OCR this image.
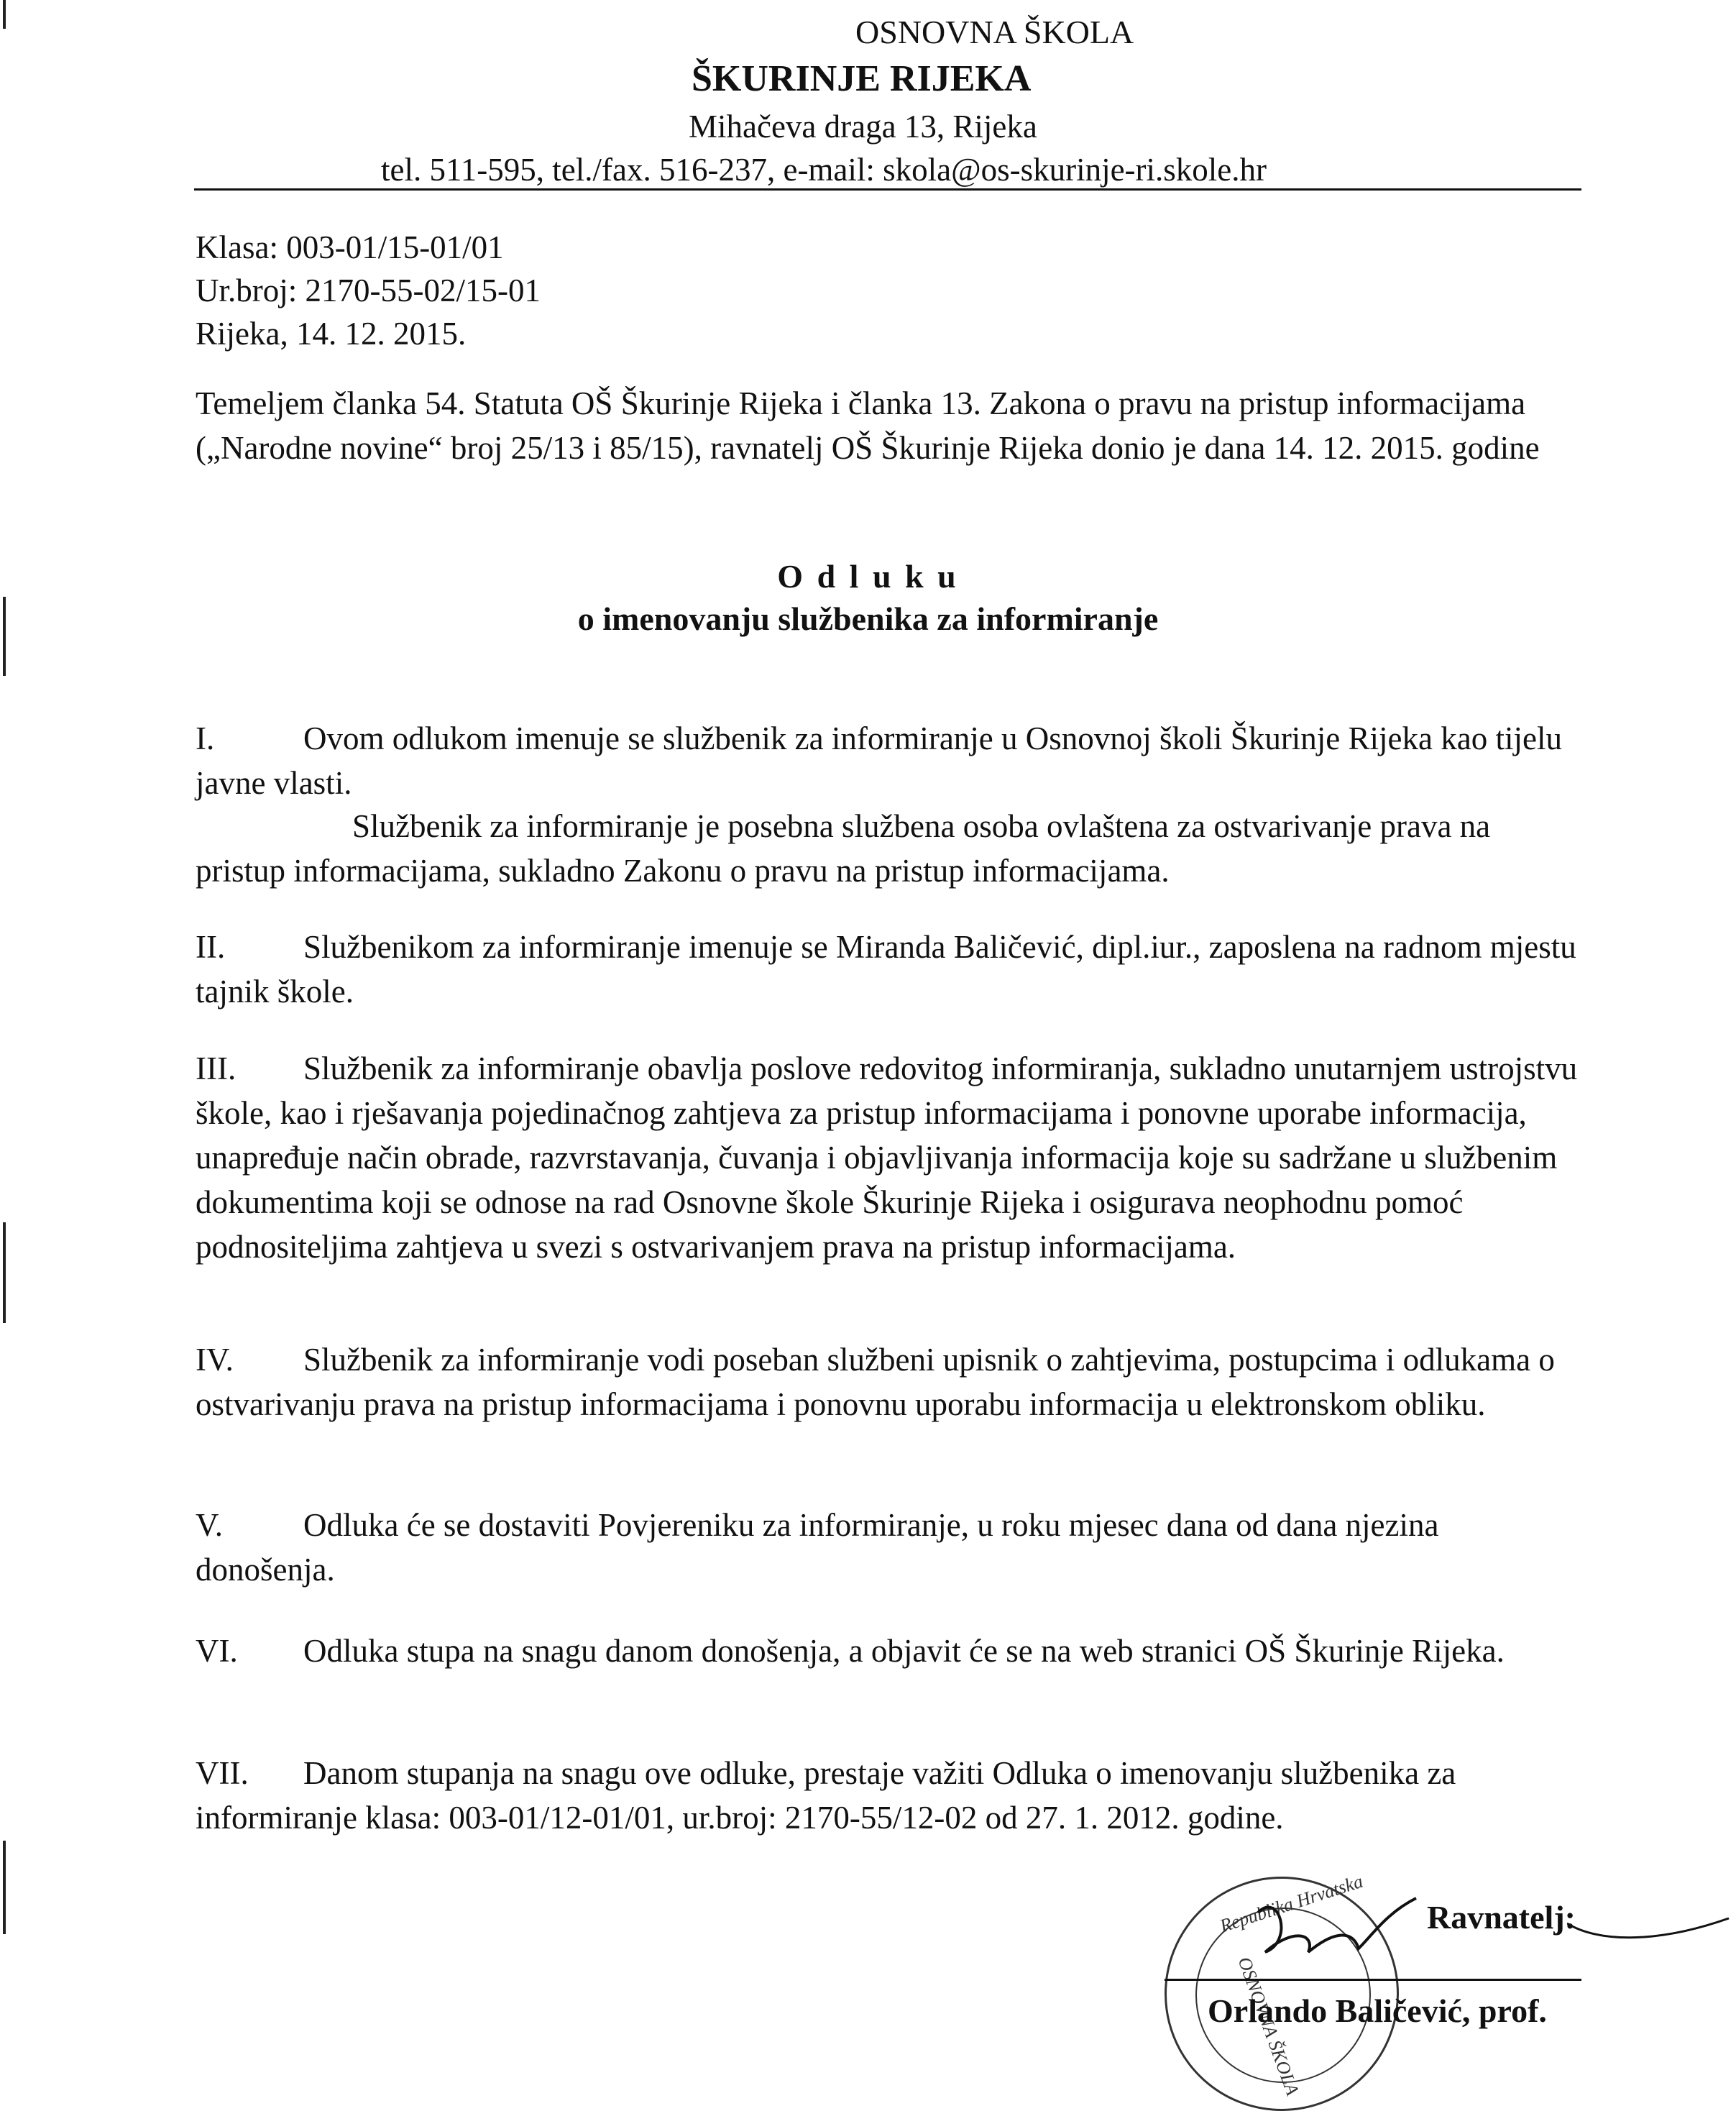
OSNOVNA ŠKOLA
ŠKURINJE RIJEKA
Mihačeva draga 13, Rijeka
tel. 511-595, tel./fax. 516-237, e-mail: skola@os-skurinje-ri.skole.hr
Klasa: 003-01/15-01/01
Ur.broj: 2170-55-02/15-01
Rijeka, 14. 12. 2015.
Temeljem članka 54. Statuta OŠ Škurinje Rijeka i članka 13. Zakona o pravu na pristup informacijama („Narodne novine“ broj 25/13 i 85/15), ravnatelj OŠ Škurinje Rijeka donio je dana 14. 12. 2015. godine
O d l u k u
o imenovanju službenika za informiranje
I.	Ovom odlukom imenuje se službenik za informiranje u Osnovnoj školi Škurinje Rijeka kao tijelu javne vlasti.
Službenik za informiranje je posebna službena osoba ovlaštena za ostvarivanje prava na pristup informacijama, sukladno Zakonu o pravu na pristup informacijama.
II. Službenikom za informiranje imenuje se Miranda Baličević, dipl.iur., zaposlena na radnom mjestu tajnik škole.
III. Službenik za informiranje obavlja poslove redovitog informiranja, sukladno unutarnjem ustrojstvu škole, kao i rješavanja pojedinačnog zahtjeva za pristup informacijama i ponovne uporabe informacija, unapređuje način obrade, razvrstavanja, čuvanja i objavljivanja informacija koje su sadržane u službenim dokumentima koji se odnose na rad Osnovne škole Škurinje Rijeka i osigurava neophodnu pomoć podnositeljima zahtjeva u svezi s ostvarivanjem prava na pristup informacijama.
IV. Službenik za informiranje vodi poseban službeni upisnik o zahtjevima, postupcima i odlukama o ostvarivanju prava na pristup informacijama i ponovnu uporabu informacija u elektronskom obliku.
V. Odluka će se dostaviti Povjereniku za informiranje, u roku mjesec dana od dana njezina donošenja.
VI. Odluka stupa na snagu danom donošenja, a objavit će se na web stranici OŠ Škurinje Rijeka.
VII. Danom stupanja na snagu ove odluke, prestaje važiti Odluka o imenovanju službenika za informiranje klasa: 003-01/12-01/01, ur.broj: 2170-55/12-02 od 27. 1. 2012. godine.
Republika Hrvatska
OSNOVNA ŠKOLA
Ravnatelj:
Orlando Baličević, prof.
